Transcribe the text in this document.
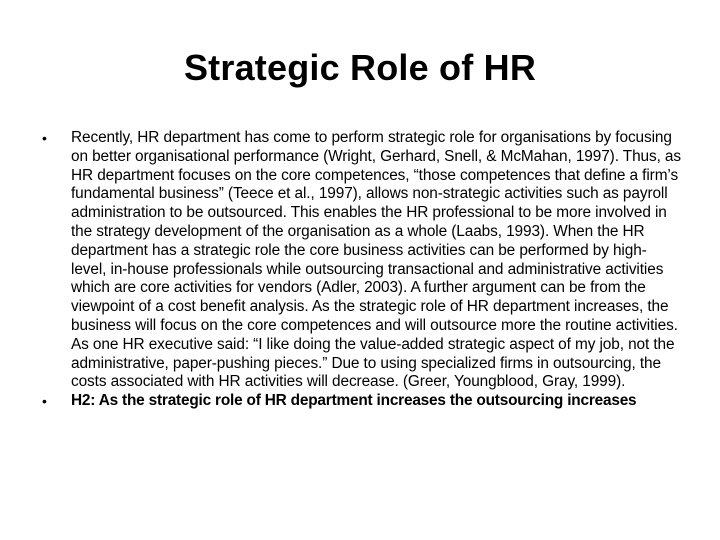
Strategic Role of HR
•	Recently, HR department has come to perform strategic role for organisations by focusing on better organisational performance (Wright, Gerhard, Snell, & McMahan, 1997). Thus, as HR department focuses on the core competences, “those competences that define a firm’s fundamental business” (Teece et al., 1997), allows non-strategic activities such as payroll administration to be outsourced. This enables the HR professional to be more involved in the strategy development of the organisation as a whole (Laabs, 1993). When the HR department has a strategic role the core business activities can be performed by high-level, in-house professionals while outsourcing transactional and administrative activities which are core activities for vendors (Adler, 2003). A further argument can be from the viewpoint of a cost benefit analysis. As the strategic role of HR department increases, the business will focus on the core competences and will outsource more the routine activities. As one HR executive said: “I like doing the value-added strategic aspect of my job, not the administrative, paper-pushing pieces.” Due to using specialized firms in outsourcing, the costs associated with HR activities will decrease. (Greer, Youngblood, Gray, 1999).
•	H2: As the strategic role of HR department increases the outsourcing increases
